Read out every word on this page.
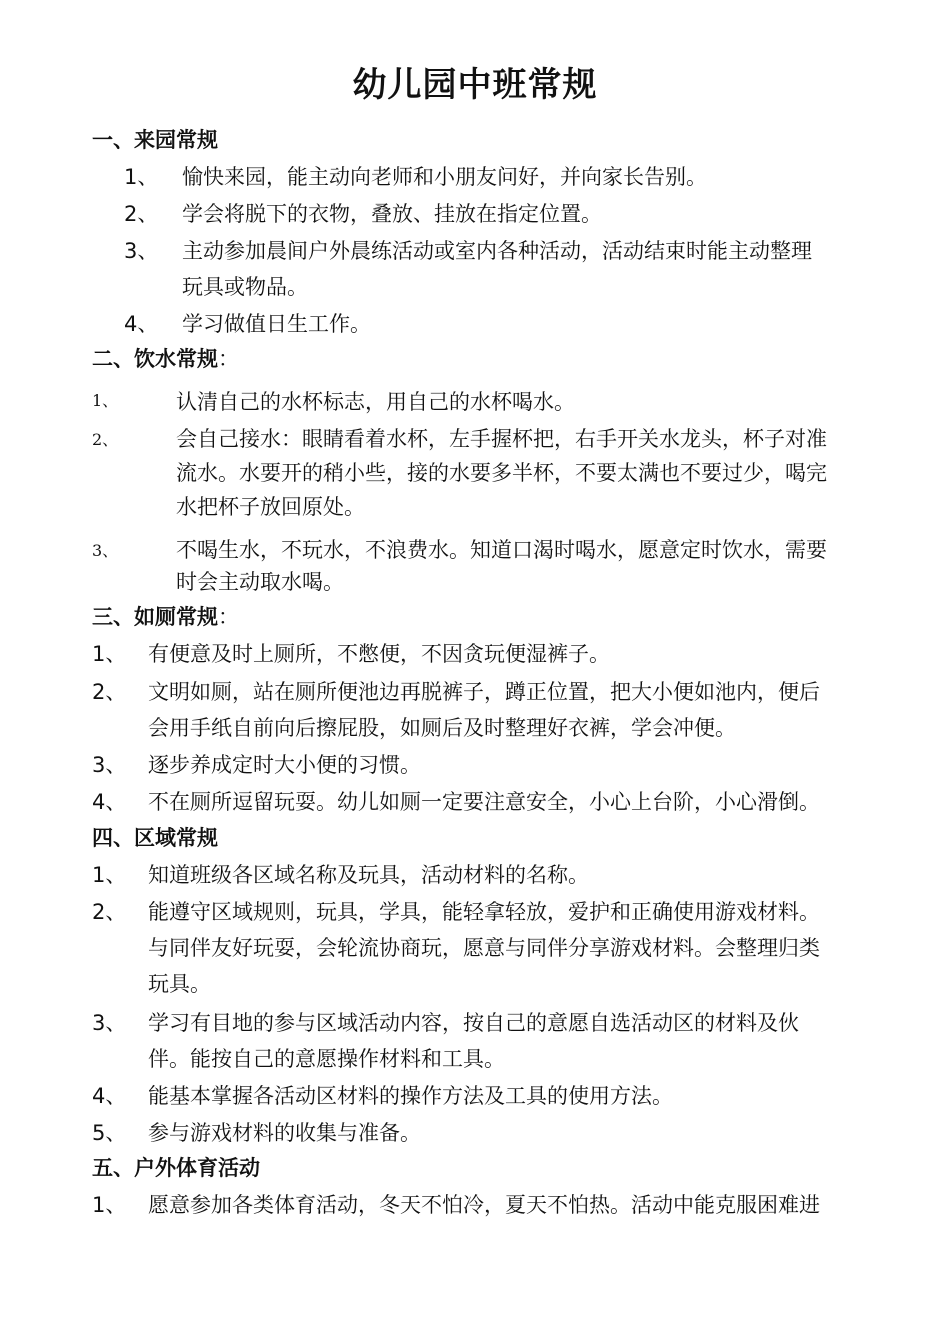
幼儿园中班常规
一、来园常规
1、 愉快来园，能主动向老师和小朋友问好，并向家长告别。
2、 学会将脱下的衣物，叠放、挂放在指定位置。
3、 主动参加晨间户外晨练活动或室内各种活动，活动结束时能主动整理
玩具或物品。
4、 学习做值日生工作。
二、饮水常规：
1、	认清自己的水杯标志，用自己的水杯喝水。
2、	会自己接水：眼睛看着水杯，左手握杯把，右手开关水龙头，杯子对准
流水。水要开的稍小些，接的水要多半杯，不要太满也不要过少，喝完
水把杯子放回原处。
3、	不喝生水，不玩水，不浪费水。知道口渴时喝水，愿意定时饮水，需要
时会主动取水喝。
三、如厕常规：
1、 有便意及时上厕所，不憋便，不因贪玩便湿裤子。
2、 文明如厕，站在厕所便池边再脱裤子，蹲正位置，把大小便如池内，便后
会用手纸自前向后擦屁股，如厕后及时整理好衣裤，学会冲便。
3、 逐步养成定时大小便的习惯。
4、 不在厕所逗留玩耍。幼儿如厕一定要注意安全，小心上台阶，小心滑倒。
四、区域常规
1、 知道班级各区域名称及玩具，活动材料的名称。
2、 能遵守区域规则，玩具，学具，能轻拿轻放，爱护和正确使用游戏材料。
与同伴友好玩耍，会轮流协商玩，愿意与同伴分享游戏材料。会整理归类
玩具。
3、 学习有目地的参与区域活动内容，按自己的意愿自选活动区的材料及伙
伴。能按自己的意愿操作材料和工具。
4、 能基本掌握各活动区材料的操作方法及工具的使用方法。
5、 参与游戏材料的收集与准备。
五、户外体育活动
1、 愿意参加各类体育活动，冬天不怕冷，夏天不怕热。活动中能克服困难进
